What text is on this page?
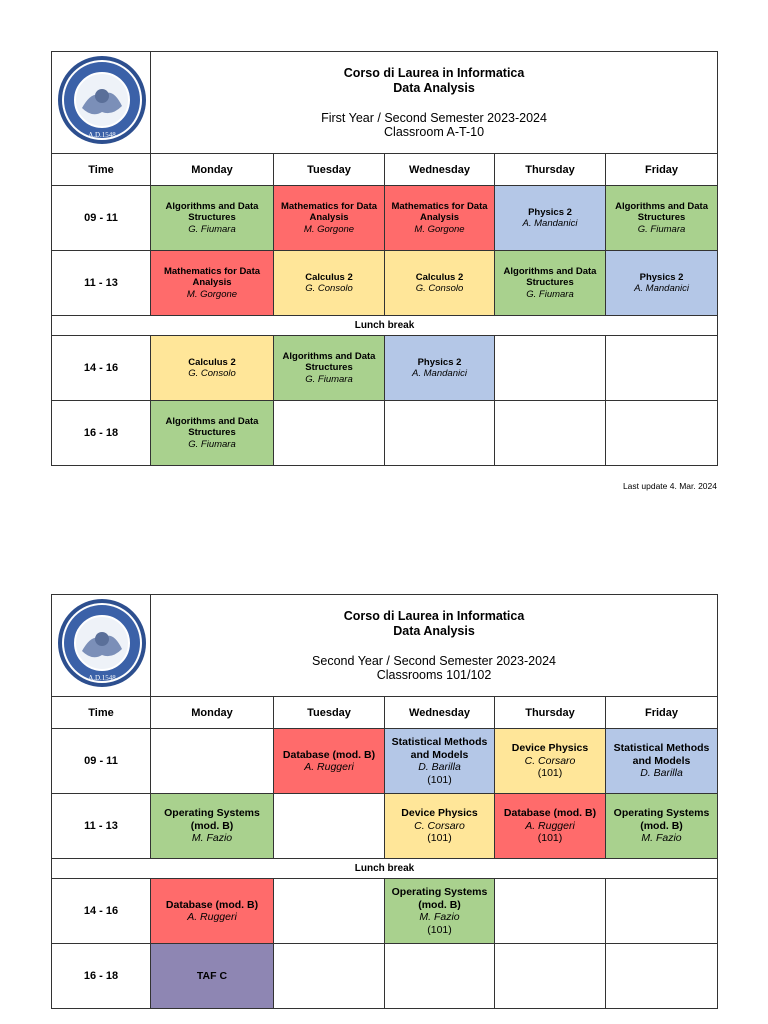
A.D.1548	Corso di Laurea in Informatica
Data Analysis
First Year / Second Semester 2023-2024
Classroom A-T-10				

Time	Monday	Tuesday	Wednesday	Thursday	Friday
09 - 11	Algorithms and Data Structures
G. Fiumara	Mathematics for Data Analysis
M. Gorgone	Mathematics for Data Analysis
M. Gorgone	Physics 2
A. Mandanici	Algorithms and Data Structures
G. Fiumara

11 - 13	Mathematics for Data Analysis
M. Gorgone	Calculus 2
G. Consolo	Calculus 2
G. Consolo	Algorithms and Data Structures
G. Fiumara	Physics 2
A. Mandanici

Lunch break					
14 - 16	Calculus 2
G. Consolo	Algorithms and Data Structures
G. Fiumara	Physics 2
A. Mandanici		

16 - 18	Algorithms and Data Structures
G. Fiumara				

Last update 4. Mar. 2024
A.D.1548	Corso di Laurea in Informatica
Data Analysis
Second Year / Second Semester 2023-2024
Classrooms 101/102				

Time	Monday	Tuesday	Wednesday	Thursday	Friday
09 - 11		Database (mod. B)
A. Ruggeri	Statistical Methods and Models
D. Barilla
(101)	Device Physics
C. Corsaro
(101)	Statistical Methods and Models
D. Barilla

11 - 13	Operating Systems (mod. B)
M. Fazio		Device Physics
C. Corsaro
(101)	Database (mod. B)
A. Ruggeri
(101)	Operating Systems (mod. B)
M. Fazio

Lunch break					
14 - 16	Database (mod. B)
A. Ruggeri		Operating Systems (mod. B)
M. Fazio
(101)		

16 - 18	TAF C				
